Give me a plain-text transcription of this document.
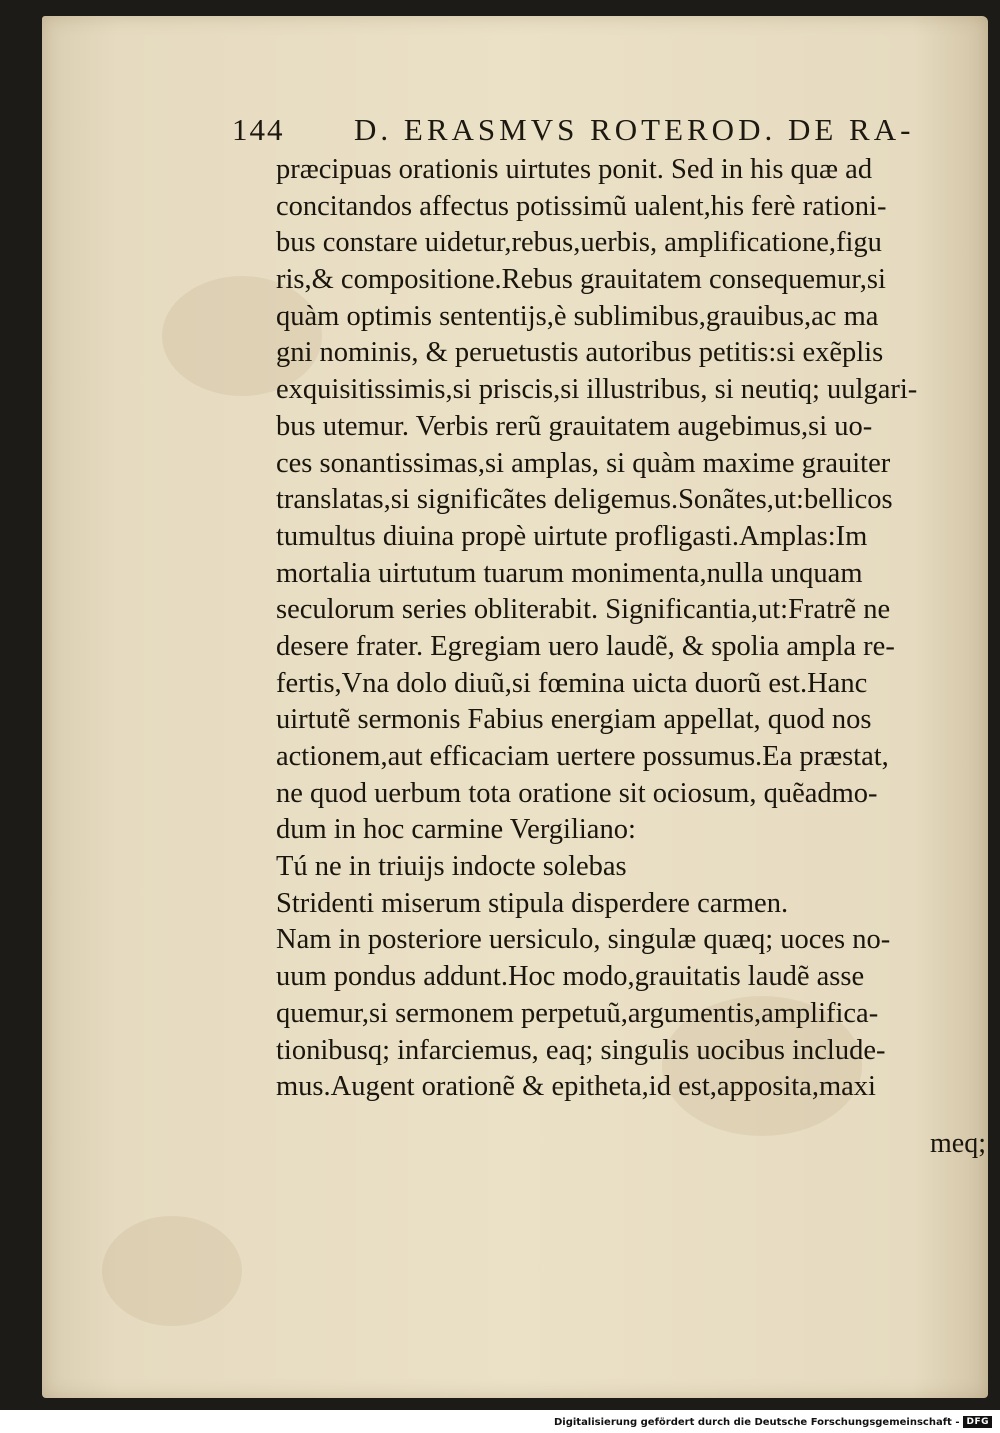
144 D. ERASMVS ROTEROD. DE RA-
præcipuas orationis uirtutes ponit. Sed in his quæ ad
concitandos affectus potissimũ ualent,his ferè rationi-
bus constare uidetur,rebus,uerbis, amplificatione,figu
ris,& compositione.Rebus grauitatem consequemur,si
quàm optimis sententijs,è sublimibus,grauibus,ac ma
gni nominis, & peruetustis autoribus petitis:si exẽplis
exquisitissimis,si priscis,si illustribus, si neutiq; uulgari-
bus utemur. Verbis rerũ grauitatem augebimus,si uo-
ces sonantissimas,si amplas, si quàm maxime grauiter
translatas,si significãtes deligemus.Sonãtes,ut:bellicos
tumultus diuina propè uirtute profligasti.Amplas:Im
mortalia uirtutum tuarum monimenta,nulla unquam
seculorum series obliterabit. Significantia,ut:Fratrẽ ne
desere frater. Egregiam uero laudẽ, & spolia ampla re-
fertis,Vna dolo diuũ,si fœmina uicta duorũ est.Hanc
uirtutẽ sermonis Fabius energiam appellat, quod nos
actionem,aut efficaciam uertere possumus.Ea præstat,
ne quod uerbum tota oratione sit ociosum, quẽadmo-
dum in hoc carmine Vergiliano:
Tú ne in triuijs indocte solebas
Stridenti miserum stipula disperdere carmen.
Nam in posteriore uersiculo, singulæ quæq; uoces no-
uum pondus addunt.Hoc modo,grauitatis laudẽ asse
quemur,si sermonem perpetuũ,argumentis,amplifica-
tionibusq; infarciemus, eaq; singulis uocibus include-
mus.Augent orationẽ & epitheta,id est,apposita,maxi
meq;
Digitalisierung gefördert durch die Deutsche Forschungsgemeinschaft - DFG
